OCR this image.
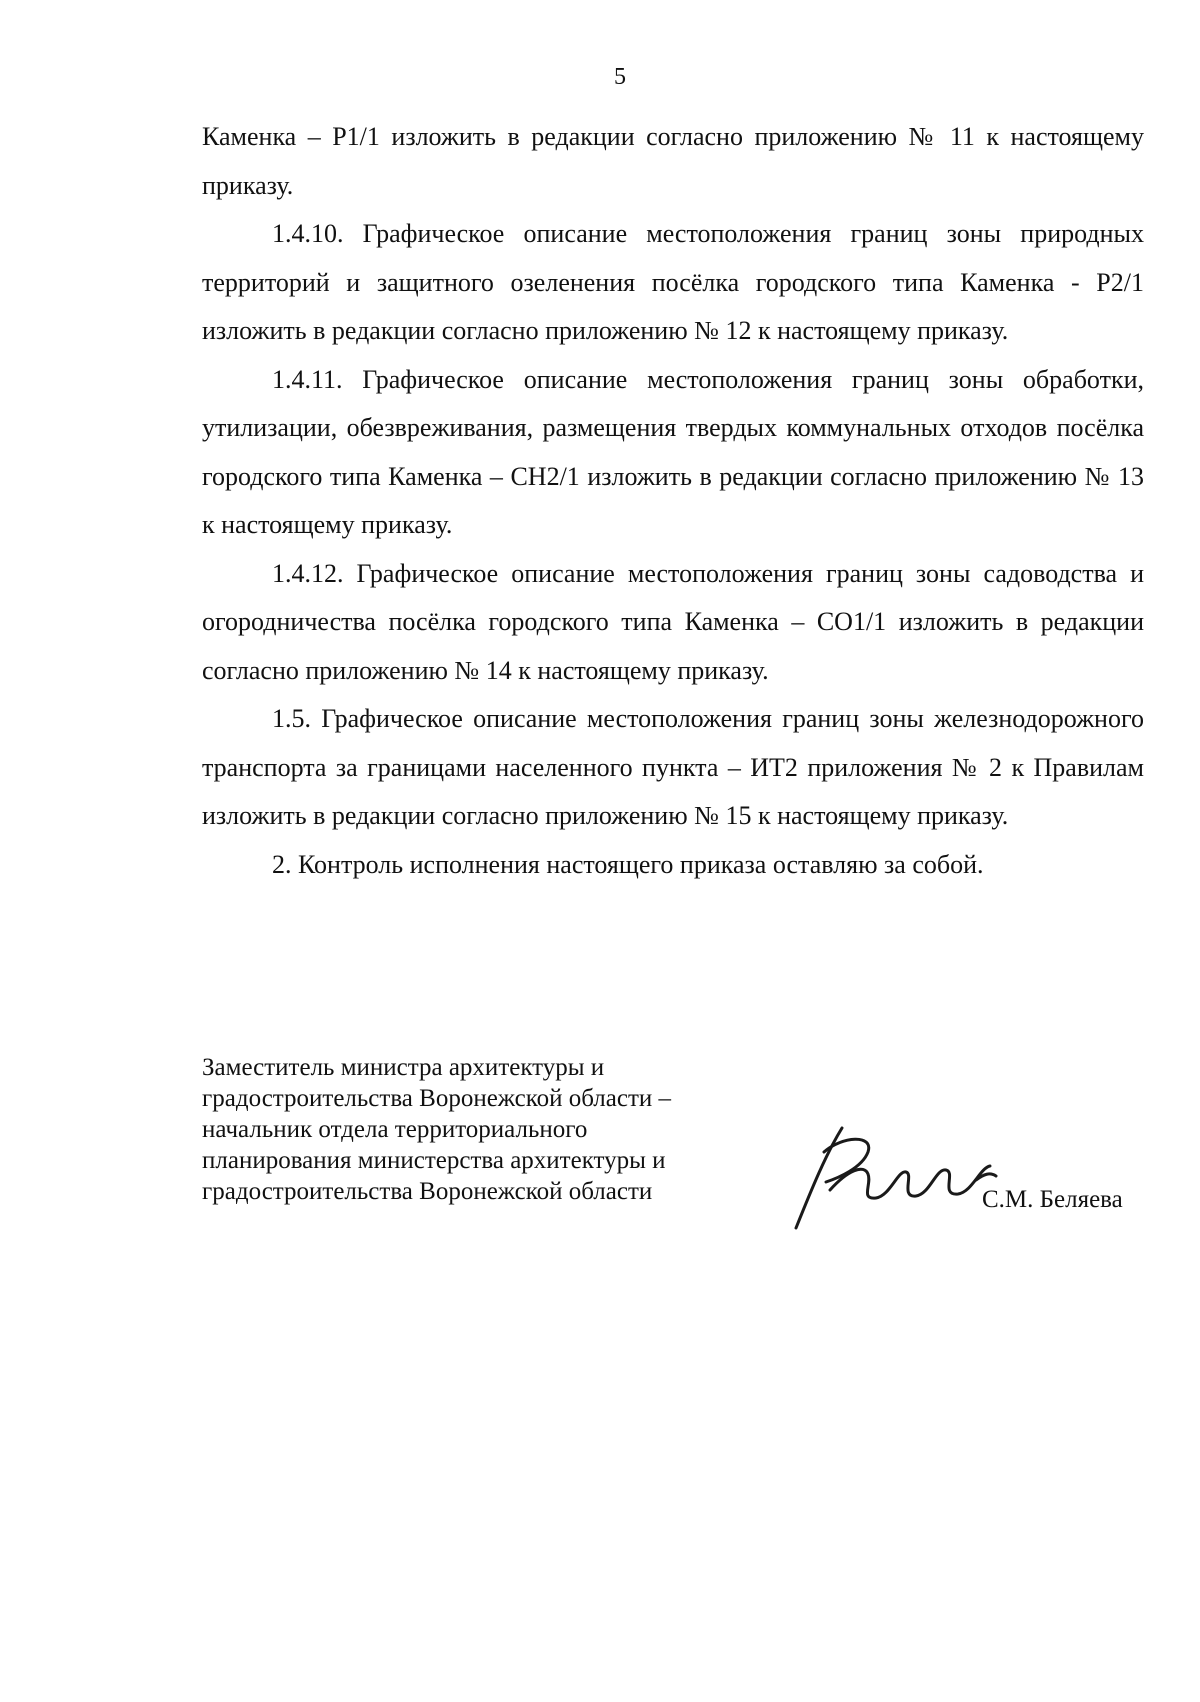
5

Каменка – Р1/1 изложить в редакции согласно приложению № 11 к настоящему приказу.

1.4.10. Графическое описание местоположения границ зоны природных территорий и защитного озеленения посёлка городского типа Каменка - Р2/1 изложить в редакции согласно приложению № 12 к настоящему приказу.

1.4.11. Графическое описание местоположения границ зоны обработки, утилизации, обезвреживания, размещения твердых коммунальных отходов посёлка городского типа Каменка – СН2/1 изложить в редакции согласно приложению № 13 к настоящему приказу.

1.4.12. Графическое описание местоположения границ зоны садоводства и огородничества посёлка городского типа Каменка – СО1/1 изложить в редакции согласно приложению № 14 к настоящему приказу.

1.5. Графическое описание местоположения границ зоны железнодорожного транспорта за границами населенного пункта – ИТ2 приложения № 2 к Правилам изложить в редакции согласно приложению № 15 к настоящему приказу.

2. Контроль исполнения настоящего приказа оставляю за собой.

Заместитель министра архитектуры и
градостроительства Воронежской области –
начальник отдела территориального
планирования министерства архитектуры и
градостроительства Воронежской области	С.М. Беляева
